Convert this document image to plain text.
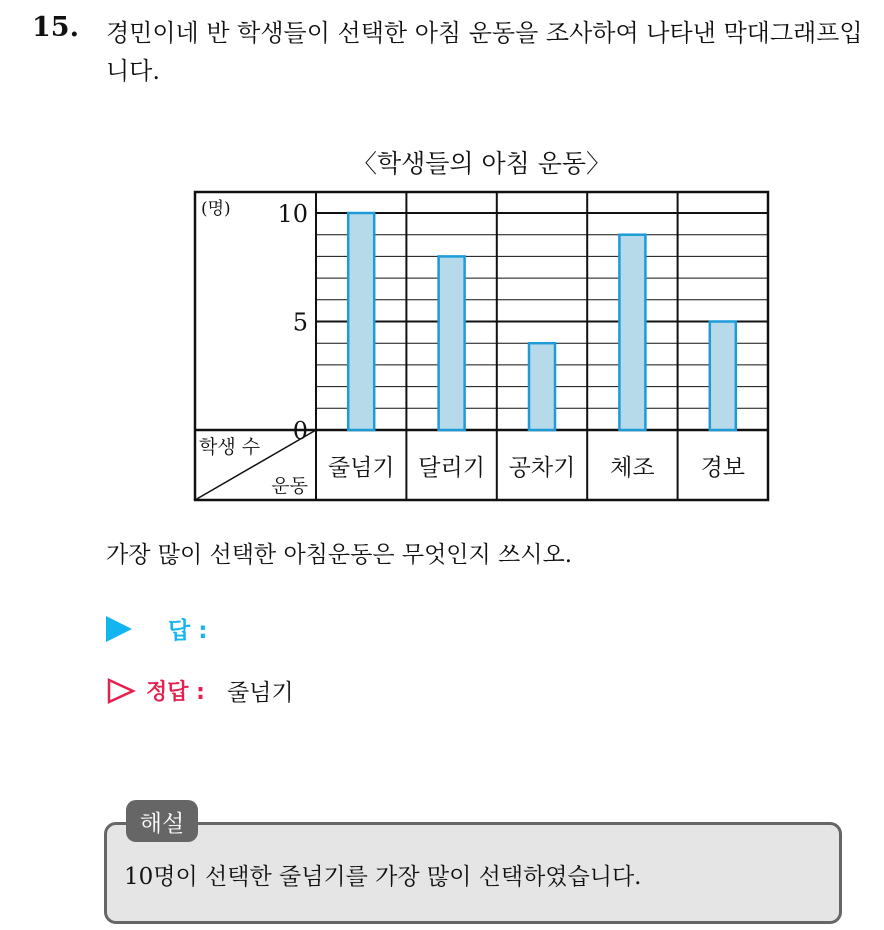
15. 경민이네 반 학생들이 선택한 아침 운동을 조사하여 나타낸 막대그래프입니다.
〈학생들의 아침 운동〉
0
5
10
(명)
줄넘기 달리기 공차기 체조 경보
학생 수
운동
가장 많이 선택한 아침운동은 무엇인지 쓰시오.
답 :
정답 : 줄넘기
해설
10명이 선택한 줄넘기를 가장 많이 선택하였습니다.
